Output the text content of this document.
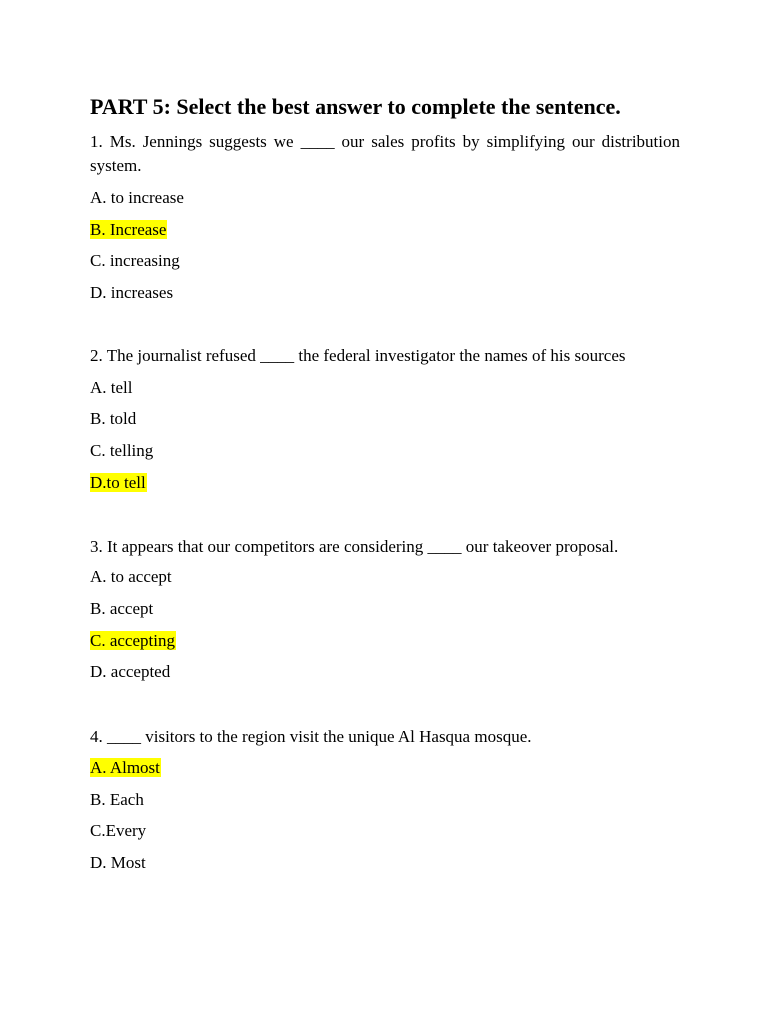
PART 5: Select the best answer to complete the sentence.

1. Ms. Jennings suggests we ____ our sales profits by simplifying our distribution system.

A. to increase

B. Increase

C. increasing

D. increases

2. The journalist refused ____ the federal investigator the names of his sources

A. tell

B. told

C. telling

D.to tell

3. It appears that our competitors are considering ____ our takeover proposal.

A. to accept

B. accept

C. accepting

D. accepted

4. ____ visitors to the region visit the unique Al Hasqua mosque.

A. Almost

B. Each

C.Every

D. Most
